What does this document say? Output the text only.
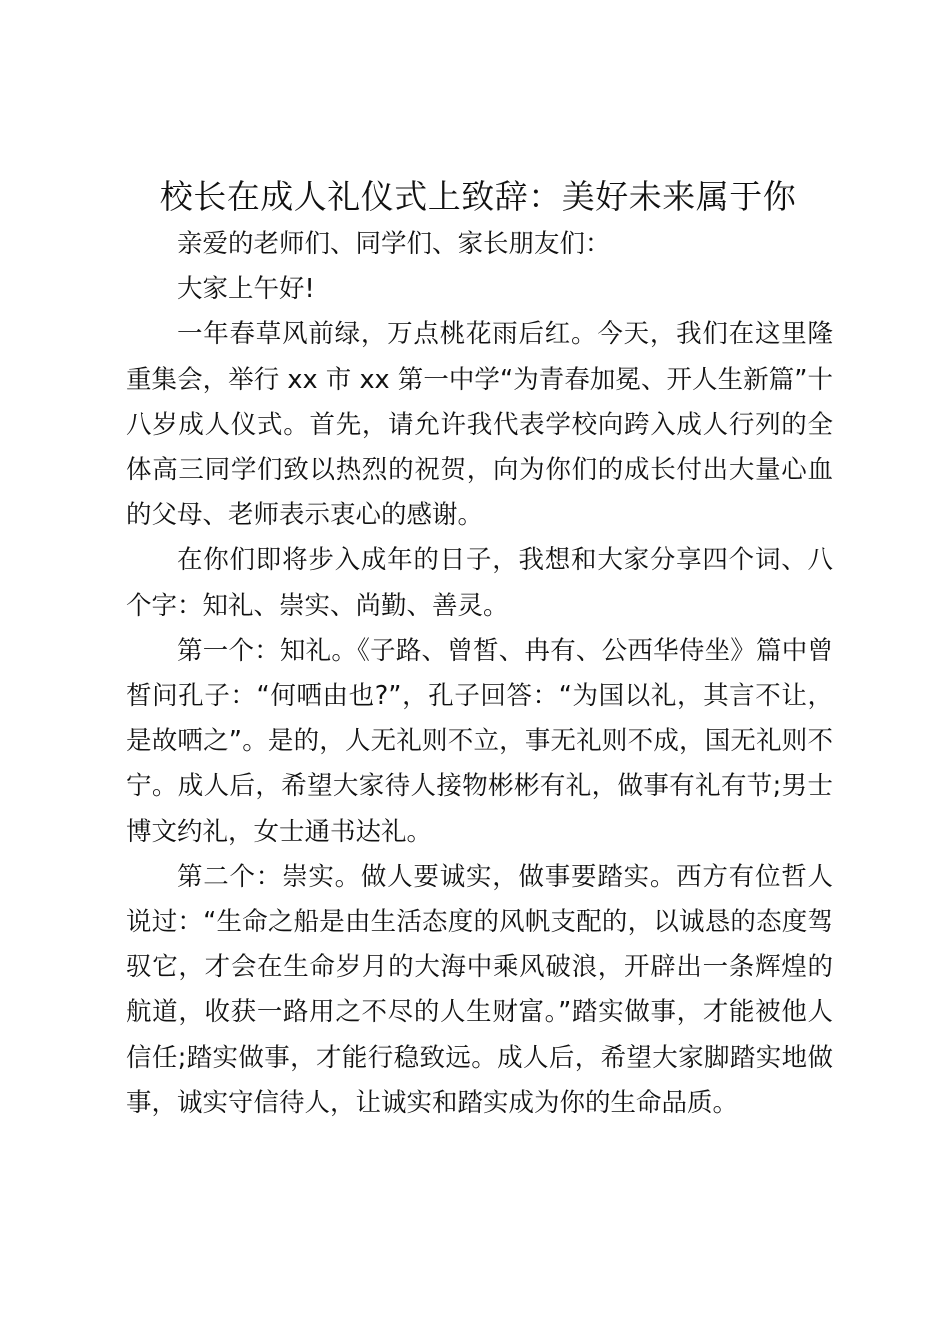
校长在成人礼仪式上致辞：美好未来属于你

亲爱的老师们、同学们、家长朋友们：

大家上午好!

一年春草风前绿，万点桃花雨后红。今天，我们在这里隆重集会，举行 xx 市 xx 第一中学“为青春加冕、开人生新篇”十八岁成人仪式。首先，请允许我代表学校向跨入成人行列的全体高三同学们致以热烈的祝贺，向为你们的成长付出大量心血的父母、老师表示衷心的感谢。

在你们即将步入成年的日子，我想和大家分享四个词、八个字：知礼、崇实、尚勤、善灵。

第一个：知礼。《子路、曾皙、冉有、公西华侍坐》篇中曾皙问孔子：“何哂由也?”，孔子回答：“为国以礼，其言不让，是故哂之”。是的，人无礼则不立，事无礼则不成，国无礼则不宁。成人后，希望大家待人接物彬彬有礼，做事有礼有节;男士博文约礼，女士通书达礼。

第二个：崇实。做人要诚实，做事要踏实。西方有位哲人说过：“生命之船是由生活态度的风帆支配的，以诚恳的态度驾驭它，才会在生命岁月的大海中乘风破浪，开辟出一条辉煌的航道，收获一路用之不尽的人生财富。”踏实做事，才能被他人信任;踏实做事，才能行稳致远。成人后，希望大家脚踏实地做事，诚实守信待人，让诚实和踏实成为你的生命品质。
